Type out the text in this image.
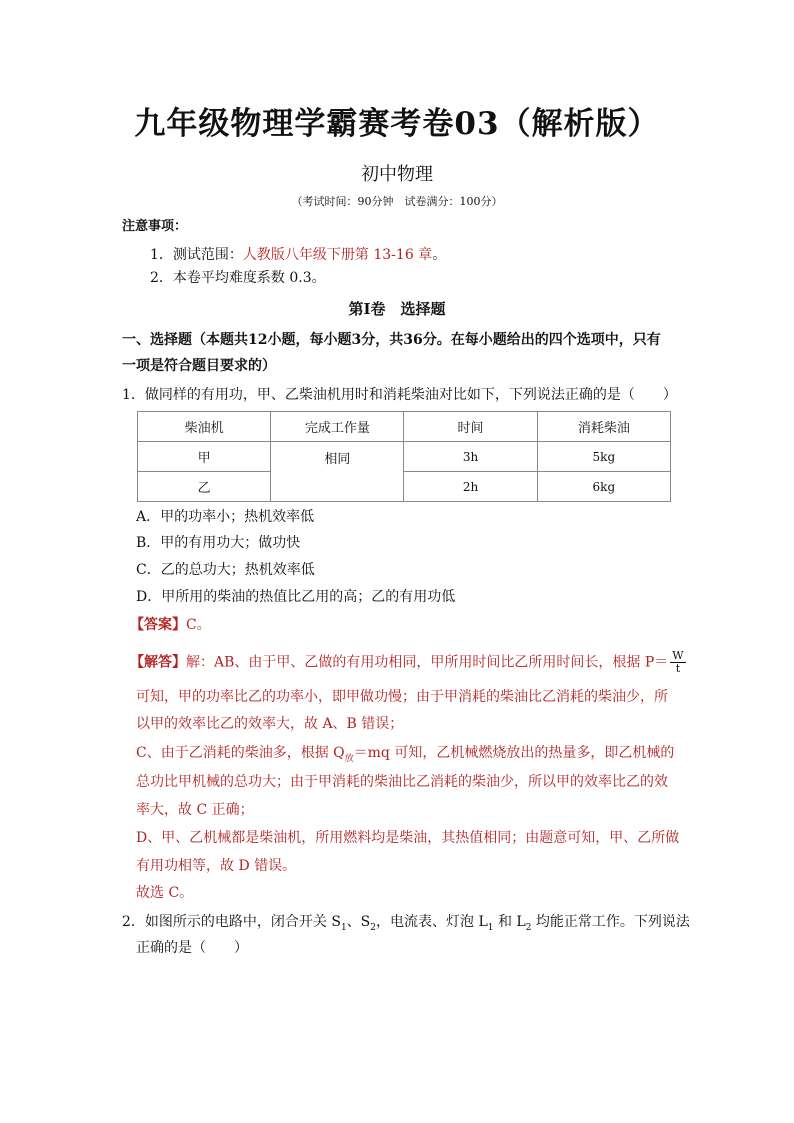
九年级物理学霸赛考卷03（解析版）
初中物理
（考试时间：90分钟　试卷满分：100分）
注意事项：
1．测试范围：人教版八年级下册第 13-16 章。
2．本卷平均难度系数 0.3。
第Ⅰ卷　选择题
一、选择题（本题共12小题，每小题3分，共36分。在每小题给出的四个选项中，只有
一项是符合题目要求的）
1．做同样的有用功，甲、乙柴油机用时和消耗柴油对比如下，下列说法正确的是（　　）
柴油机	完成工作量	时间	消耗柴油
甲	相同	3h	5kg
乙		2h	6kg
A．甲的功率小；热机效率低
B．甲的有用功大；做功快
C．乙的总功大；热机效率低
D．甲所用的柴油的热值比乙用的高；乙的有用功低
【答案】C。
【解答】解：AB、由于甲、乙做的有用功相同，甲所用时间比乙所用时间长，根据 $P= \frac{W}{t}$
可知，甲的功率比乙的功率小，即甲做功慢；由于甲消耗的柴油比乙消耗的柴油少，所
以甲的效率比乙的效率大，故 A、B 错误；
C、由于乙消耗的柴油多，根据 $Q_放=mq$ 可知，乙机械燃烧放出的热量多，即乙机械的
总功比甲机械的总功大；由于甲消耗的柴油比乙消耗的柴油少，所以甲的效率比乙的效
率大，故 C 正确；
D、甲、乙机械都是柴油机，所用燃料均是柴油，其热值相同；由题意可知，甲、乙所做
有用功相等，故 D 错误。
故选 C。
2．如图所示的电路中，闭合开关 $S_1$、$S_2$，电流表、灯泡 $L_1$ 和 $L_2$ 均能正常工作。下列说法
正确的是（　　）
